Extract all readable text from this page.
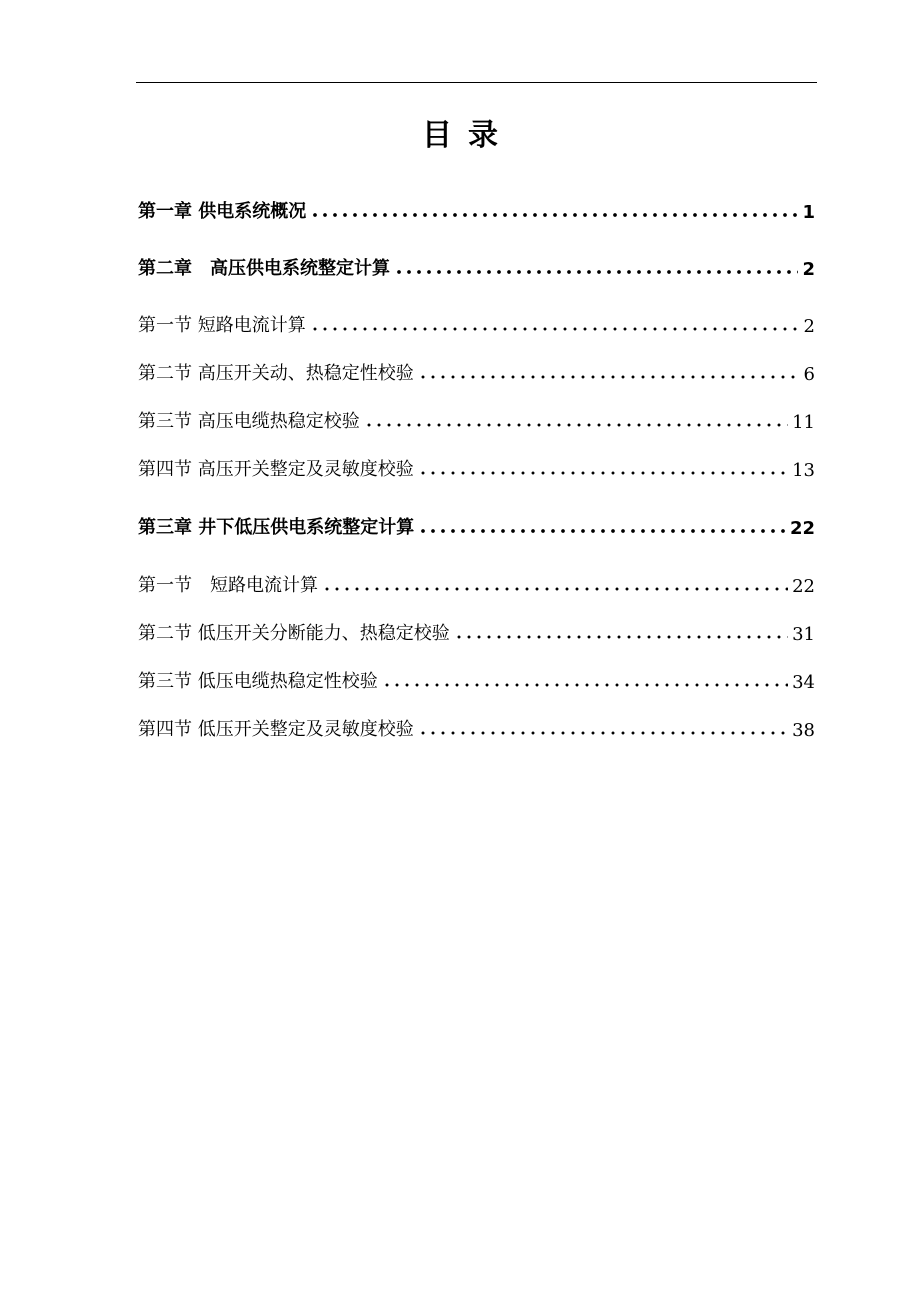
目录
第一章 供电系统概况	1
第二章　高压供电系统整定计算	2
第一节 短路电流计算	2
第二节 高压开关动、热稳定性校验	6
第三节 高压电缆热稳定校验	11
第四节 高压开关整定及灵敏度校验	13
第三章 井下低压供电系统整定计算	22
第一节　短路电流计算	22
第二节 低压开关分断能力、热稳定校验	31
第三节 低压电缆热稳定性校验	34
第四节 低压开关整定及灵敏度校验	38
